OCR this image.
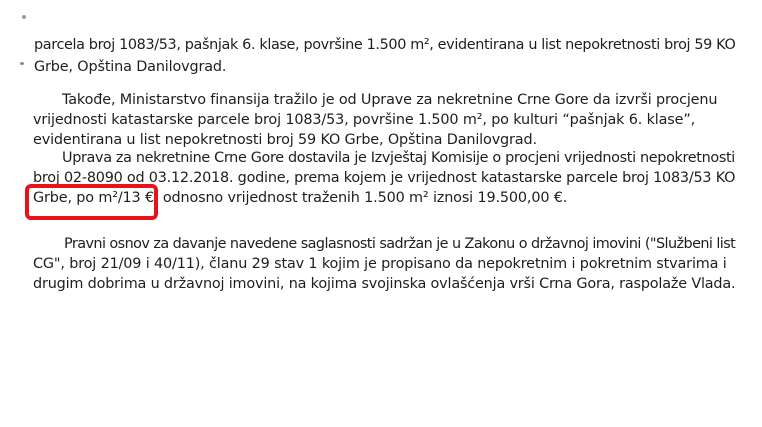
parcela broj 1083/53, pašnjak 6. klase, površine 1.500 m², evidentirana u list nepokretnosti broj 59 KO
Grbe, Opština Danilovgrad.
Takođe, Ministarstvo finansija tražilo je od Uprave za nekretnine Crne Gore da izvrši procjenu
vrijednosti katastarske parcele broj 1083/53, površine 1.500 m², po kulturi “pašnjak 6. klase”,
evidentirana u list nepokretnosti broj 59 KO Grbe, Opština Danilovgrad.
Uprava za nekretnine Crne Gore dostavila je Izvještaj Komisije o procjeni vrijednosti nepokretnosti
broj 02-8090 od 03.12.2018. godine, prema kojem je vrijednost katastarske parcele broj 1083/53 KO
Grbe, po m²/13 €, odnosno vrijednost traženih 1.500 m² iznosi 19.500,00 €.
Pravni osnov za davanje navedene saglasnosti sadržan je u Zakonu o državnoj imovini ("Službeni list
CG", broj 21/09 i 40/11), članu 29 stav 1 kojim je propisano da nepokretnim i pokretnim stvarima i
drugim dobrima u državnoj imovini, na kojima svojinska ovlašćenja vrši Crna Gora, raspolaže Vlada.
